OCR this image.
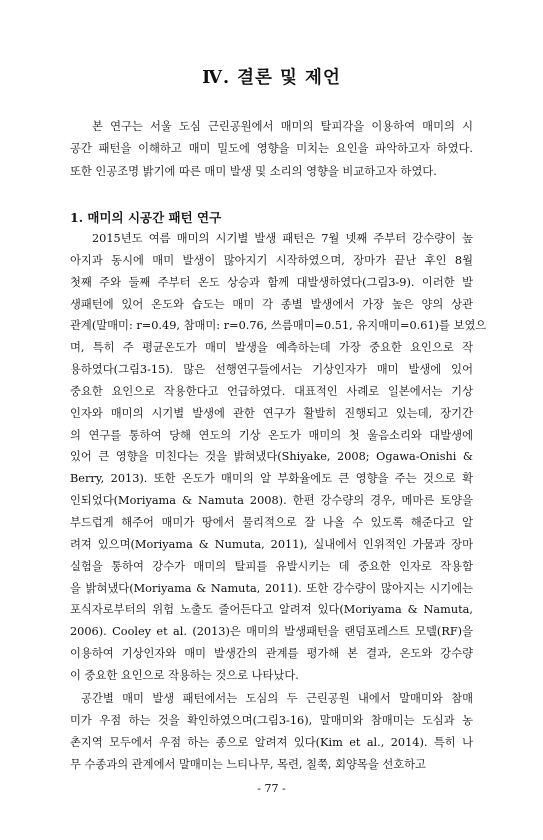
Ⅳ. 결론 및 제언
본 연구는 서울 도심 근린공원에서 매미의 탈피각을 이용하여 매미의 시
공간 패턴을 이해하고 매미 밀도에 영향을 미치는 요인을 파악하고자 하였다.
또한 인공조명 밝기에 따른 매미 발생 및 소리의 영향을 비교하고자 하였다.
1. 매미의 시공간 패턴 연구
2015년도 여름 매미의 시기별 발생 패턴은 7월 넷째 주부터 강수량이 높
아지과 동시에 매미 발생이 많아지기 시작하였으며, 장마가 끝난 후인 8월
첫째 주와 둘째 주부터 온도 상승과 함께 대발생하였다(그림3-9). 이러한 발
생패턴에 있어 온도와 습도는 매미 각 종별 발생에서 가장 높은 양의 상관
관계(말매미: r=0.49, 참매미: r=0.76, 쓰름매미=0.51, 유지매미=0.61)를 보였으
며, 특히 주 평균온도가 매미 발생을 예측하는데 가장 중요한 요인으로 작
용하였다(그림3-15). 많은 선행연구들에서는 기상인자가 매미 발생에 있어
중요한 요인으로 작용한다고 언급하였다. 대표적인 사례로 일본에서는 기상
인자와 매미의 시기별 발생에 관한 연구가 활발히 진행되고 있는데, 장기간
의 연구를 통하여 당해 연도의 기상 온도가 매미의 첫 울음소리와 대발생에
있어 큰 영향을 미친다는 것을 밝혀냈다(Shiyake, 2008; Ogawa-Onishi &
Berry, 2013). 또한 온도가 매미의 알 부화율에도 큰 영향을 주는 것으로 확
인되었다(Moriyama & Namuta 2008). 한편 강수량의 경우, 메마른 토양을
부드럽게 해주어 매미가 땅에서 물리적으로 잘 나올 수 있도록 해준다고 알
려져 있으며(Moriyama & Numuta, 2011), 실내에서 인위적인 가뭄과 장마
실험을 통하여 강수가 매미의 탈피를 유발시키는 데 중요한 인자로 작용함
을 밝혀냈다(Moriyama & Namuta, 2011). 또한 강수량이 많아지는 시기에는
포식자로부터의 위험 노출도 줄어든다고 알려져 있다(Moriyama & Namuta,
2006). Cooley et al. (2013)은 매미의 발생패턴을 랜덤포레스트 모델(RF)을
이용하여 기상인자와 매미 발생간의 관계를 평가해 본 결과, 온도와 강수량
이 중요한 요인으로 작용하는 것으로 나타났다.
공간별 매미 발생 패턴에서는 도심의 두 근린공원 내에서 말매미와 참매
미가 우점 하는 것을 확인하였으며(그림3-16), 말매미와 참매미는 도심과 농
촌지역 모두에서 우점 하는 종으로 알려져 있다(Kim et al., 2014). 특히 나
무 수종과의 관계에서 말매미는 느티나무, 목련, 칠쭉, 회양목을 선호하고
- 77 -
